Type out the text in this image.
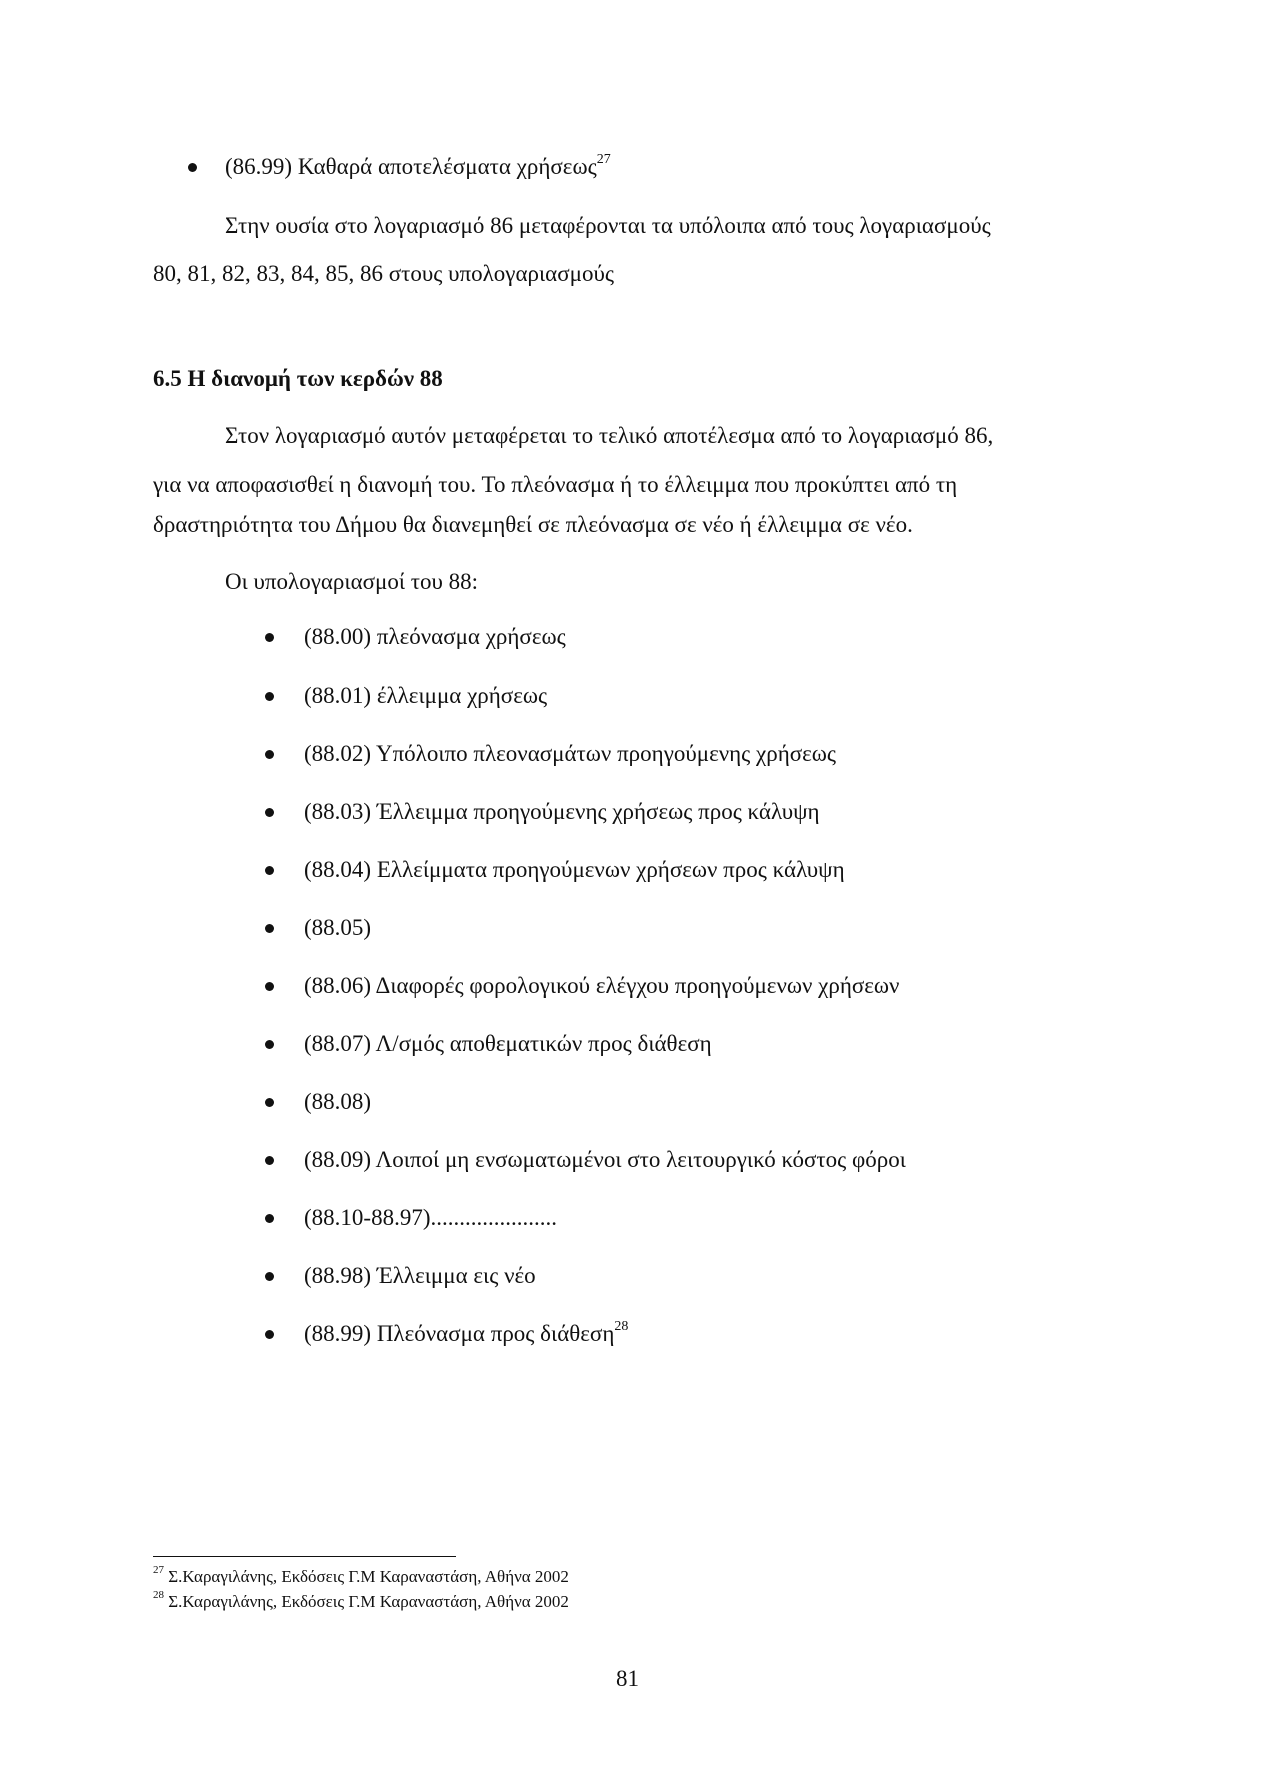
(86.99) Καθαρά αποτελέσματα χρήσεως$^{27}$
Στην ουσία στο λογαριασμό 86 μεταφέρονται τα υπόλοιπα από τους λογαριασμούς
80, 81, 82, 83, 84, 85, 86 στους υπολογαριασμούς
6.5 Η διανομή των κερδών 88
Στον λογαριασμό αυτόν μεταφέρεται το τελικό αποτέλεσμα από το λογαριασμό 86,
για να αποφασισθεί η διανομή του. Το πλεόνασμα ή το έλλειμμα που προκύπτει από τη
δραστηριότητα του Δήμου θα διανεμηθεί σε πλεόνασμα σε νέο ή έλλειμμα σε νέο.
Οι υπολογαριασμοί του 88:
(88.00) πλεόνασμα χρήσεως
(88.01) έλλειμμα χρήσεως
(88.02) Υπόλοιπο πλεονασμάτων προηγούμενης χρήσεως
(88.03) Έλλειμμα προηγούμενης χρήσεως προς κάλυψη
(88.04) Ελλείμματα προηγούμενων χρήσεων προς κάλυψη
(88.05)
(88.06) Διαφορές φορολογικού ελέγχου προηγούμενων χρήσεων
(88.07) Λ/σμός αποθεματικών προς διάθεση
(88.08)
(88.09) Λοιποί μη ενσωματωμένοι στο λειτουργικό κόστος φόροι
(88.10-88.97)......................
(88.98) Έλλειμμα εις νέο
(88.99) Πλεόνασμα προς διάθεση$^{28}$
$^{27}$ Σ.Καραγιλάνης, Εκδόσεις Γ.Μ Καραναστάση, Αθήνα 2002
$^{28}$ Σ.Καραγιλάνης, Εκδόσεις Γ.Μ Καραναστάση, Αθήνα 2002
81
